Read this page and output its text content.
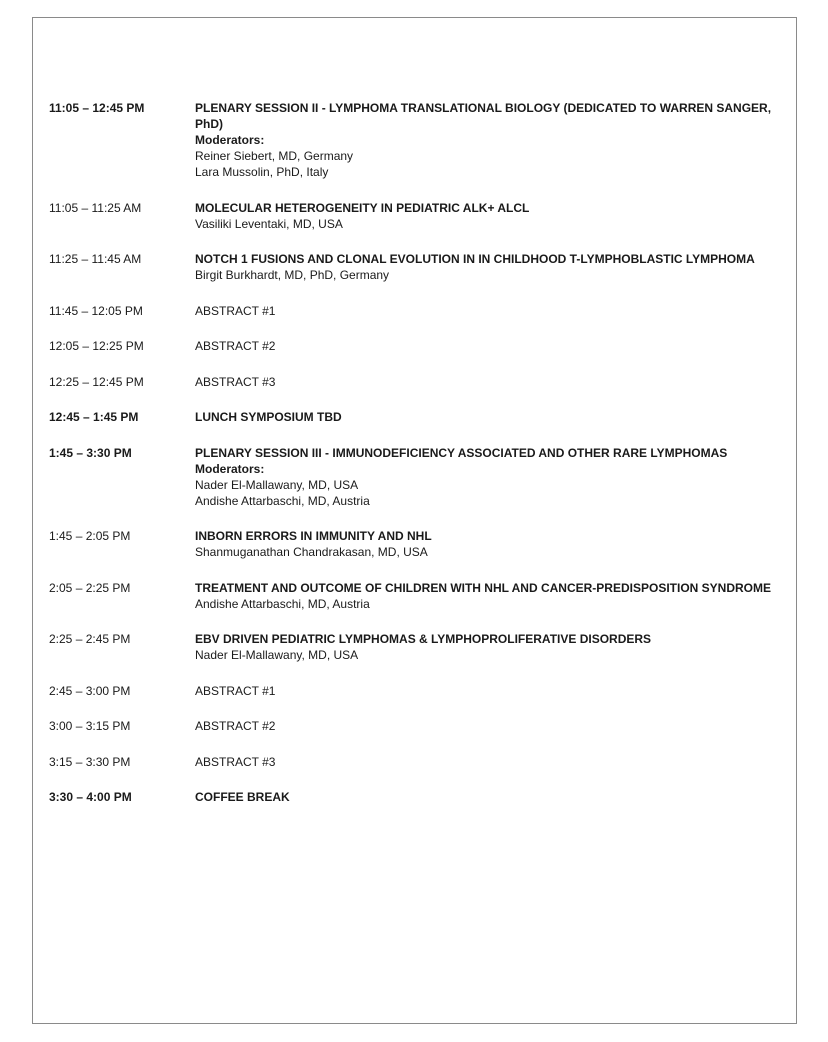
11:05 – 12:45 PM	PLENARY SESSION II - LYMPHOMA TRANSLATIONAL BIOLOGY (DEDICATED TO WARREN SANGER, PhD)
Moderators:
Reiner Siebert, MD, Germany
Lara Mussolin, PhD, Italy
11:05 – 11:25 AM	MOLECULAR HETEROGENEITY IN PEDIATRIC ALK+ ALCL
Vasiliki Leventaki, MD, USA
11:25 – 11:45 AM	NOTCH 1 FUSIONS AND CLONAL EVOLUTION IN IN CHILDHOOD T-LYMPHOBLASTIC LYMPHOMA
Birgit Burkhardt, MD, PhD, Germany
11:45 – 12:05 PM	ABSTRACT #1
12:05 – 12:25 PM	ABSTRACT #2
12:25 – 12:45 PM	ABSTRACT #3
12:45 – 1:45 PM	LUNCH SYMPOSIUM TBD
1:45 – 3:30 PM	PLENARY SESSION III - IMMUNODEFICIENCY ASSOCIATED AND OTHER RARE LYMPHOMAS
Moderators:
Nader El-Mallawany, MD, USA
Andishe Attarbaschi, MD, Austria
1:45 – 2:05 PM	INBORN ERRORS IN IMMUNITY AND NHL
Shanmuganathan Chandrakasan, MD, USA
2:05 – 2:25 PM	TREATMENT AND OUTCOME OF CHILDREN WITH NHL AND CANCER-PREDISPOSITION SYNDROME
Andishe Attarbaschi, MD, Austria
2:25 – 2:45 PM	EBV DRIVEN PEDIATRIC LYMPHOMAS & LYMPHOPROLIFERATIVE DISORDERS
Nader El-Mallawany, MD, USA
2:45 – 3:00 PM	ABSTRACT #1
3:00 – 3:15 PM	ABSTRACT #2
3:15 – 3:30 PM	ABSTRACT #3
3:30 – 4:00 PM	COFFEE BREAK
